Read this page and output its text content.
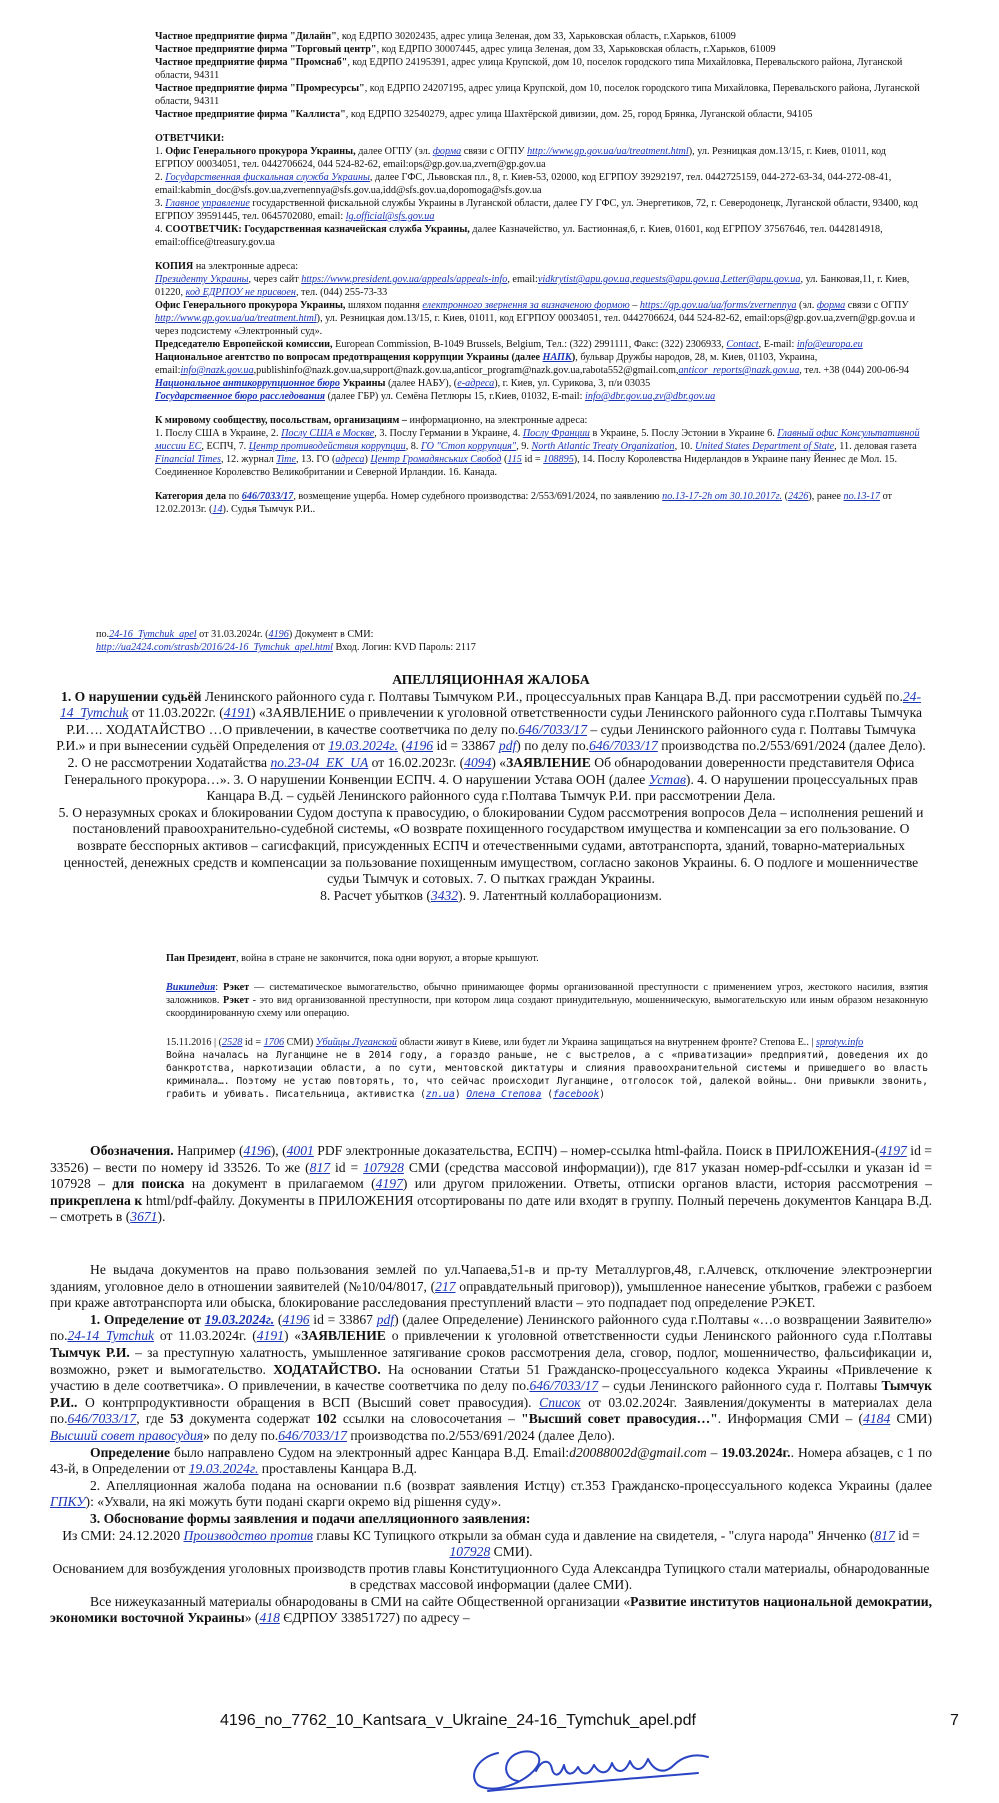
Частное предприятие фирма "Дилайн", код ЕДРПО 30202435, адрес улица Зеленая, дом 33, Харьковская область, г.Харьков, 61009

Частное предприятие фирма "Торговый центр", код ЕДРПО 30007445, адрес улица Зеленая, дом 33, Харьковская область, г.Харьков, 61009

Частное предприятие фирма "Промснаб", код ЕДРПО 24195391, адрес улица Крупской, дом 10, поселок городского типа Михайловка, Перевальского района, Луганской области, 94311

Частное предприятие фирма "Промресурсы", код ЕДРПО 24207195, адрес улица Крупской, дом 10, поселок городского типа Михайловка, Перевальского района, Луганской области, 94311

Частное предприятие фирма "Каллиста", код ЕДРПО 32540279, адрес улица Шахтёрской дивизии, дом. 25, город Брянка, Луганской области, 94105

ОТВЕТЧИКИ:

1. Офис Генерального прокурора Украины, далее ОГПУ (эл. форма связи с ОГПУ http://www.gp.gov.ua/ua/treatment.html), ул. Резницкая дом.13/15, г. Киев, 01011, код ЕГРПОУ 00034051, тел. 0442706624, 044 524-82-62, email:ops@gp.gov.ua,zvern@gp.gov.ua

2. Государственная фискальная служба Украины, далее ГФС, Львовская пл., 8, г. Киев-53, 02000, код ЕГРПОУ 39292197, тел. 0442725159, 044-272-63-34, 044-272-08-41, email:kabmin_doc@sfs.gov.ua,zvernennya@sfs.gov.ua,idd@sfs.gov.ua,dopomoga@sfs.gov.ua

3. Главное управление государственной фискальной службы Украины в Луганской области, далее ГУ ГФС, ул. Энергетиков, 72, г. Северодонецк, Луганской области, 93400, код ЕГРПОУ 39591445, тел. 0645702080, email: lg.official@sfs.gov.ua

4. СООТВЕТЧИК: Государственная казначейская служба Украины, далее Казначейство, ул. Бастионная,6, г. Киев, 01601, код ЕГРПОУ 37567646, тел. 0442814918, email:office@treasury.gov.ua

КОПИЯ на электронные адреса:

Президенту Украины, через сайт https://www.president.gov.ua/appeals/appeals-info, email:vidkrytist@apu.gov.ua,requests@apu.gov.ua,Letter@apu.gov.ua, ул. Банковая,11, г. Киев, 01220, код ЕДРПОУ не присвоен, тел. (044) 255-73-33

Офис Генерального прокурора Украины, шляхом подання електронного звернення за визначеною формою – https://gp.gov.ua/ua/forms/zvernennya (эл. форма связи с ОГПУ http://www.gp.gov.ua/ua/treatment.html), ул. Резницкая дом.13/15, г. Киев, 01011, код ЕГРПОУ 00034051, тел. 0442706624, 044 524-82-62, email:ops@gp.gov.ua,zvern@gp.gov.ua и через подсистему «Электронный суд».

Председателю Европейской комиссии, European Commission, B-1049 Brussels, Belgium, Тел.: (322) 2991111, Факс: (322) 2306933, Contact, E-mail: info@europa.eu

Национальное агентство по вопросам предотвращения коррупции Украины (далее НАПК), бульвар Дружбы народов, 28, м. Киев, 01103, Украина, email:info@nazk.gov.ua,publishinfo@nazk.gov.ua,support@nazk.gov.ua,anticor_program@nazk.gov.ua,rabota552@gmail.com,anticor_reports@nazk.gov.ua, тел. +38 (044) 200-06-94

Национальное антикоррупционное бюро Украины (далее НАБУ), (e-адреса), г. Киев, ул. Сурикова, 3, п/и 03035

Государственное бюро расследования (далее ГБР) ул. Семёна Петлюры 15, г.Киев, 01032, E-mail: info@dbr.gov.ua,zv@dbr.gov.ua

К мировому сообществу, посольствам, организациям – информационно, на электронные адреса:

1. Послу США в Украине, 2. Послу США в Москве, 3. Послу Германии в Украине, 4. Послу Франции в Украине, 5. Послу Эстонии в Украине 6. Главный офис Консультативной миссии ЕС, ЕСПЧ, 7. Центр противодействия коррупции, 8. ГО "Стоп коррупция", 9. North Atlantic Treaty Organization, 10. United States Department of State, 11. деловая газета Financial Times, 12. журнал Time, 13. ГО (адреса) Центр Громадянських Свобод (115 id = 108895), 14. Послу Королевства Нидерландов в Украине пану Йеннес де Мол. 15. Соединенное Королевство Великобритании и Северной Ирландии. 16. Канада.

Категория дела по 646/7033/17, возмещение ущерба. Номер судебного производства: 2/553/691/2024, по заявлению по.13-17-2h от 30.10.2017г. (2426), ранее по.13-17 от 12.02.2013г. (14). Судья Тымчук Р.И..

по.24-16_Tymchuk_apel от 31.03.2024г. (4196) Документ в СМИ:

http://ua2424.com/strasb/2016/24-16_Tymchuk_apel.html Вход. Логин: KVD Пароль: 2117

АПЕЛЛЯЦИОННАЯ ЖАЛОБА

1. О нарушении судьёй Ленинского районного суда г. Полтавы Тымчуком Р.И., процессуальных прав Канцара В.Д. при рассмотрении судьёй по.24-14_Tymchuk от 11.03.2022г. (4191) «ЗАЯВЛЕНИЕ о привлечении к уголовной ответственности судьи Ленинского районного суда г.Полтавы Тымчука Р.И…. ХОДАТАЙСТВО …О привлечении, в качестве соответчика по делу по.646/7033/17 – судьи Ленинского районного суда г. Полтавы Тымчука Р.И.» и при вынесении судьёй Определения от 19.03.2024г. (4196 id = 33867 pdf) по делу по.646/7033/17 производства по.2/553/691/2024 (далее Дело).

2. О не рассмотрении Ходатайства по.23-04_EK_UA от 16.02.2023г. (4094) «ЗАЯВЛЕНИЕ Об обнародовании доверенности представителя Офиса Генерального прокурора…». 3. О нарушении Конвенции ЕСПЧ. 4. О нарушении Устава ООН (далее Устав). 4. О нарушении процессуальных прав Канцара В.Д. – судьёй Ленинского районного суда г.Полтава Тымчук Р.И. при рассмотрении Дела.

5. О неразумных сроках и блокировании Судом доступа к правосудию, о блокировании Судом рассмотрения вопросов Дела – исполнения решений и постановлений правоохранительно-судебной системы, «О возврате похищенного государством имущества и компенсации за его пользование. О возврате бесспорных активов – сагисфакций, присужденных ЕСПЧ и отечественными судами, автотранспорта, зданий, товарно-материальных ценностей, денежных средств и компенсации за пользование похищенным имуществом, согласно законов Украины. 6. О подлоге и мошенничестве судьи Тымчук и сотовых. 7. О пытках граждан Украины.

8. Расчет убытков (3432). 9. Латентный коллаборационизм.

Пан Президент, война в стране не закончится, пока одни воруют, а вторые крышуют.

Википедия: Рэкет — систематическое вымогательство, обычно принимающее формы организованной преступности с применением угроз, жестокого насилия, взятия заложников. Рэкет - это вид организованной преступности, при котором лица создают принудительную, мошенническую, вымогательскую или иным образом незаконную скоординированную схему или операцию.

15.11.2016 | (2528 id = 1706 СМИ) Убийцы Луганской области живут в Киеве, или будет ли Украина защищаться на внутреннем фронте? Степова Е.. | sprotyv.info

Война началась на Луганщине не в 2014 году, а гораздо раньше, не с выстрелов, а с «приватизации» предприятий, доведения их до банкротства, наркотизации области, а по сути, ментовской диктатуры и слияния правоохранительной системы и пришедшего во власть криминала…. Поэтому не устаю повторять, то, что сейчас происходит Луганщине, отголосок той, далекой войны…. Они привыкли звонить, грабить и убивать. Писательница, активистка (zn.ua) Олена Степова (facebook)

Обозначения. Например (4196), (4001 PDF электронные доказательства, ЕСПЧ) – номер-ссылка html-файла. Поиск в ПРИЛОЖЕНИЯ-(4197 id = 33526) – вести по номеру id 33526. То же (817 id = 107928 СМИ (средства массовой информации)), где 817 указан номер-pdf-ссылки и указан id = 107928 – для поиска на документ в прилагаемом (4197) или другом приложении. Ответы, отписки органов власти, история рассмотрения – прикреплена к html/pdf-файлу. Документы в ПРИЛОЖЕНИЯ отсортированы по дате или входят в группу. Полный перечень документов Канцара В.Д. – смотреть в (3671).

Не выдача документов на право пользования землей по ул.Чапаева,51-в и пр-ту Металлургов,48, г.Алчевск, отключение электроэнергии зданиям, уголовное дело в отношении заявителей (№10/04/8017, (217 оправдательный приговор)), умышленное нанесение убытков, грабежи с разбоем при краже автотранспорта или обыска, блокирование расследования преступлений власти – это подпадает под определение РЭКЕТ.

1. Определение от 19.03.2024г. (4196 id = 33867 pdf) (далее Определение) Ленинского районного суда г.Полтавы «…о возвращении Заявителю» по.24-14_Tymchuk от 11.03.2024г. (4191) «ЗАЯВЛЕНИЕ о привлечении к уголовной ответственности судьи Ленинского районного суда г.Полтавы Тымчук Р.И. – за преступную халатность, умышленное затягивание сроков рассмотрения дела, сговор, подлог, мошенничество, фальсификации и, возможно, рэкет и вымогательство. ХОДАТАЙСТВО. На основании Статьи 51 Гражданско-процессуального кодекса Украины «Привлечение к участию в деле соответчика». О привлечении, в качестве соответчика по делу по.646/7033/17 – судьи Ленинского районного суда г. Полтавы Тымчук Р.И.. О контрпродуктивности обращения в ВСП (Высший совет правосудия). Список от 03.02.2024г. Заявления/документы в материалах дела по.646/7033/17, где 53 документа содержат 102 ссылки на словосочетания – "Высший совет правосудия…". Информация СМИ – (4184 СМИ) Высший совет правосудия» по делу по.646/7033/17 производства по.2/553/691/2024 (далее Дело).

Определение было направлено Судом на электронный адрес Канцара В.Д. Email:d20088002d@gmail.com – 19.03.2024г.. Номера абзацев, с 1 по 43-й, в Определении от 19.03.2024г. проставлены Канцара В.Д.

2. Апелляционная жалоба подана на основании п.6 (возврат заявления Истцу) ст.353 Гражданско-процессуального кодекса Украины (далее ГПКУ): «Ухвали, на які можуть бути подані скарги окремо від рішення суду».

3. Обоснование формы заявления и подачи апелляционного заявления:

Из СМИ: 24.12.2020 Производство против главы КС Тупицкого открыли за обман суда и давление на свидетеля, - "слуга народа" Янченко (817 id = 107928 СМИ).

Основанием для возбуждения уголовных производств против главы Конституционного Суда Александра Тупицкого стали материалы, обнародованные в средствах массовой информации (далее СМИ).

Все нижеуказанный материалы обнародованы в СМИ на сайте Общественной организации «Развитие институтов национальной демократии, экономики восточной Украины» (418 ЄДРПОУ 33851727) по адресу –

4196_no_7762_10_Kantsara_v_Ukraine_24-16_Tymchuk_apel.pdf	7
